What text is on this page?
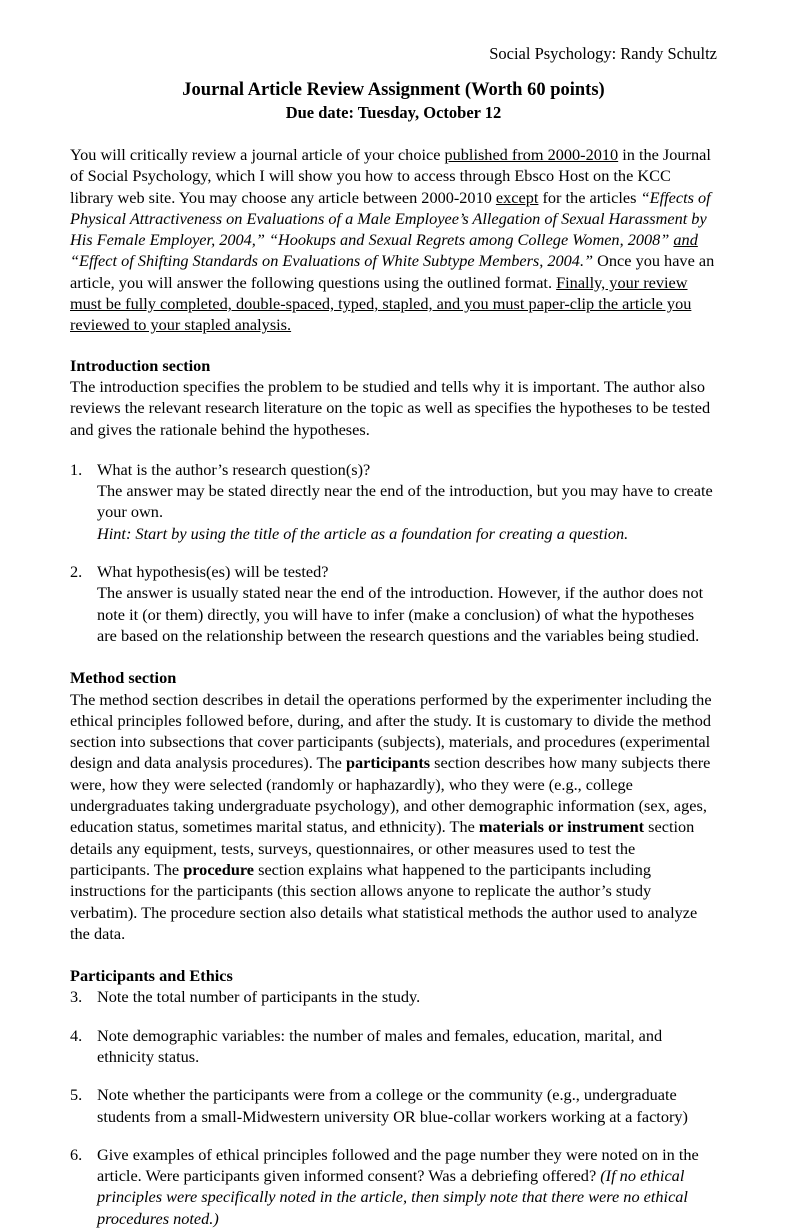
Social Psychology: Randy Schultz
Journal Article Review Assignment (Worth 60 points)
Due date: Tuesday, October 12

You will critically review a journal article of your choice published from 2000-2010 in the Journal of Social Psychology, which I will show you how to access through Ebsco Host on the KCC library web site. You may choose any article between 2000-2010 except for the articles “Effects of Physical Attractiveness on Evaluations of a Male Employee’s Allegation of Sexual Harassment by His Female Employer, 2004,” “Hookups and Sexual Regrets among College Women, 2008” and “Effect of Shifting Standards on Evaluations of White Subtype Members, 2004.” Once you have an article, you will answer the following questions using the outlined format. Finally, your review must be fully completed, double-spaced, typed, stapled, and you must paper-clip the article you reviewed to your stapled analysis.

Introduction section

The introduction specifies the problem to be studied and tells why it is important. The author also reviews the relevant research literature on the topic as well as specifies the hypotheses to be tested and gives the rationale behind the hypotheses.

1. What is the author’s research question(s)?
The answer may be stated directly near the end of the introduction, but you may have to create your own.
Hint: Start by using the title of the article as a foundation for creating a question.
2. What hypothesis(es) will be tested?
The answer is usually stated near the end of the introduction. However, if the author does not note it (or them) directly, you will have to infer (make a conclusion) of what the hypotheses are based on the relationship between the research questions and the variables being studied.
Method section

The method section describes in detail the operations performed by the experimenter including the ethical principles followed before, during, and after the study. It is customary to divide the method section into subsections that cover participants (subjects), materials, and procedures (experimental design and data analysis procedures). The participants section describes how many subjects there were, how they were selected (randomly or haphazardly), who they were (e.g., college undergraduates taking undergraduate psychology), and other demographic information (sex, ages, education status, sometimes marital status, and ethnicity). The materials or instrument section details any equipment, tests, surveys, questionnaires, or other measures used to test the participants. The procedure section explains what happened to the participants including instructions for the participants (this section allows anyone to replicate the author’s study verbatim). The procedure section also details what statistical methods the author used to analyze the data.

Participants and Ethics
3. Note the total number of participants in the study.
4. Note demographic variables: the number of males and females, education, marital, and ethnicity status.
5. Note whether the participants were from a college or the community (e.g., undergraduate students from a small-Midwestern university OR blue-collar workers working at a factory)
6. Give examples of ethical principles followed and the page number they were noted on in the article. Were participants given informed consent? Was a debriefing offered? (If no ethical principles were specifically noted in the article, then simply note that there were no ethical procedures noted.)
